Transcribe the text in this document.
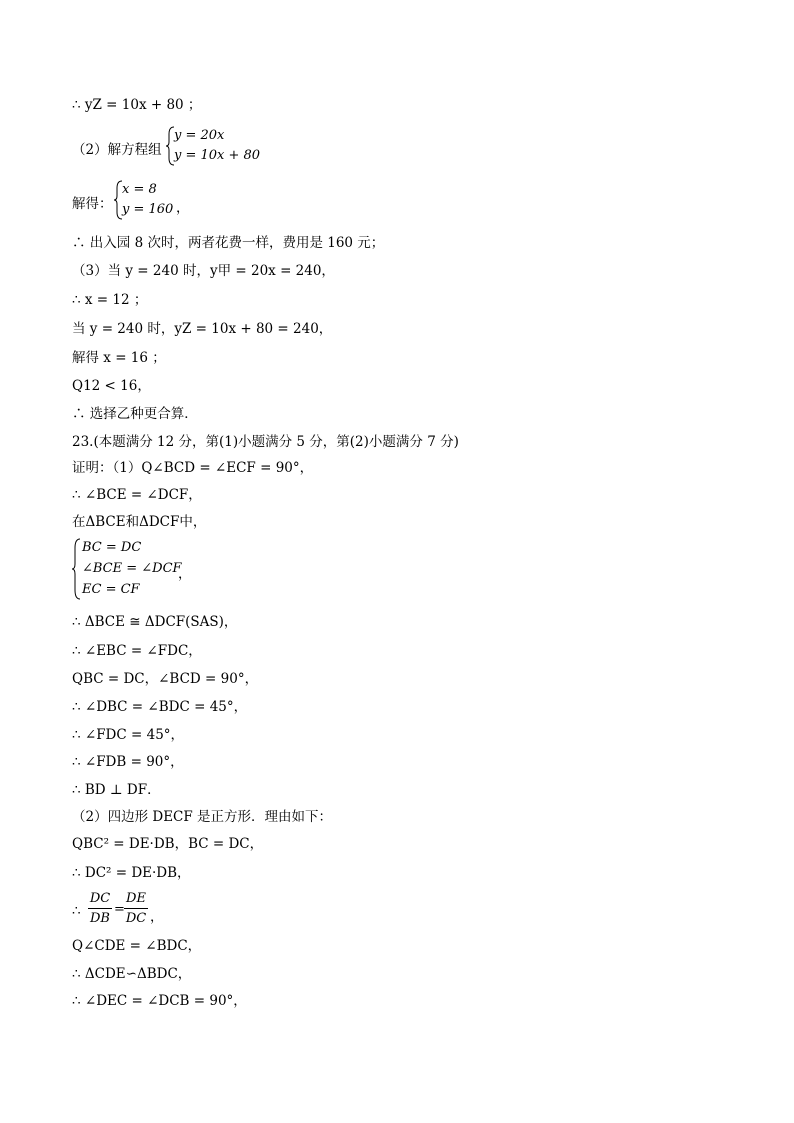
∴ yZ = 10x + 80 ；
（2）解方程组
y = 20x
y = 10x + 80
解得：
x = 8
y = 160 ，
∴ 出入园 8 次时，两者花费一样，费用是 160 元；
（3）当 y = 240 时，y甲 = 20x = 240，
∴ x = 12 ；
当 y = 240 时，yZ = 10x + 80 = 240，
解得 x = 16 ；
Q12 < 16，
∴ 选择乙种更合算．
23.(本题满分 12 分，第(1)小题满分 5 分，第(2)小题满分 7 分)
证明：（1）Q∠BCD = ∠ECF = 90°，
∴ ∠BCE = ∠DCF，
在ΔBCE和ΔDCF中，
BC = DC
∠BCE = ∠DCF
，
EC = CF
∴ ΔBCE ≅ ΔDCF(SAS)，
∴ ∠EBC = ∠FDC，
QBC = DC，∠BCD = 90°，
∴ ∠DBC = ∠BDC = 45°，
∴ ∠FDC = 45°，
∴ ∠FDB = 90°，
∴ BD ⊥ DF．
（2）四边形 DECF 是正方形．理由如下：
QBC² = DE·DB，BC = DC，
∴ DC² = DE·DB，
∴
DC
DB
=
DE
DC ，
Q∠CDE = ∠BDC，
∴ ΔCDE∽ΔBDC，
∴ ∠DEC = ∠DCB = 90°，
